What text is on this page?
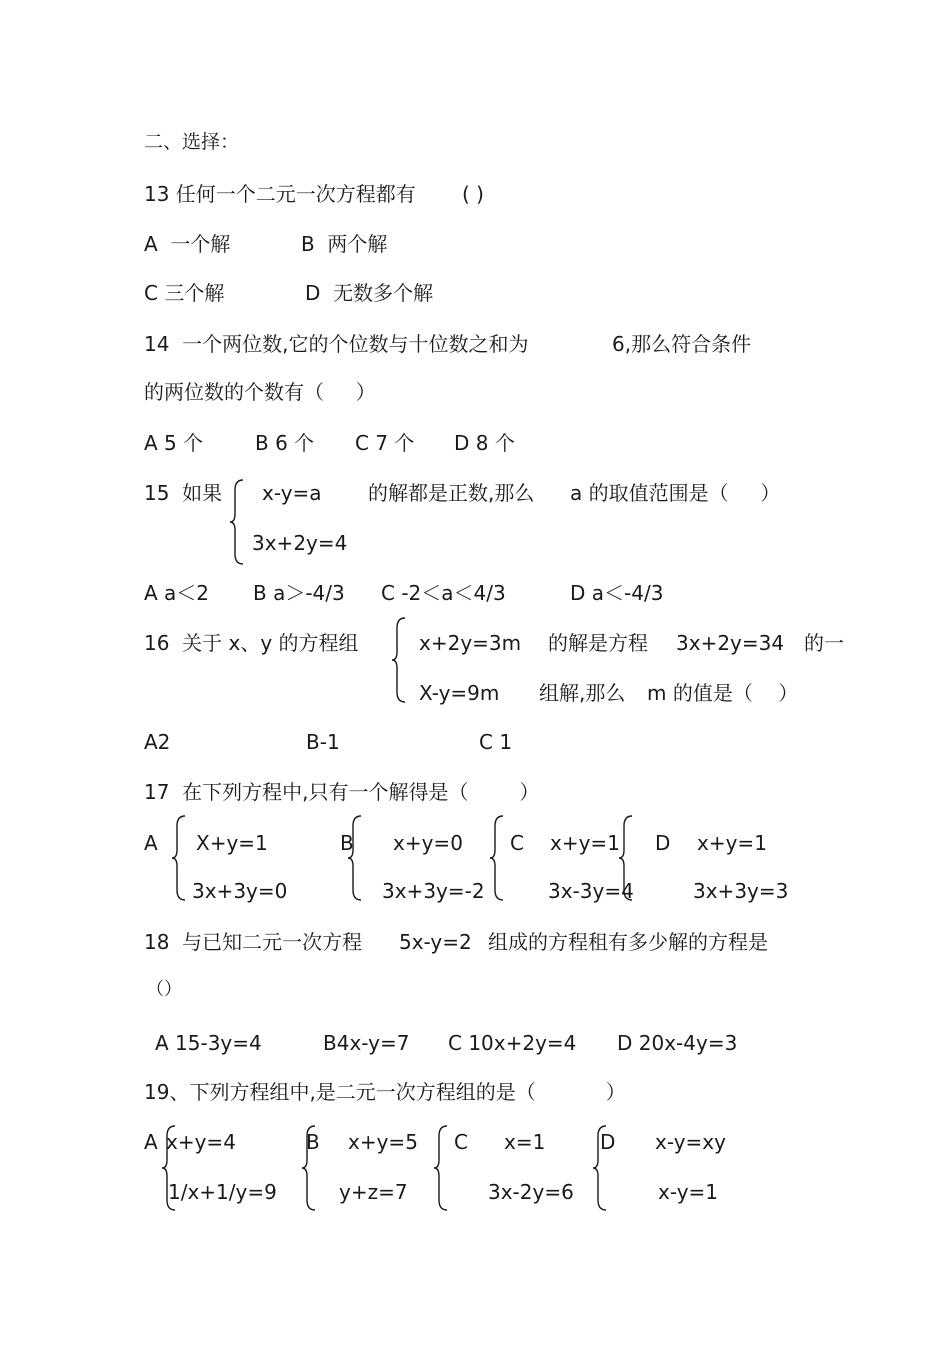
二、选择：
13 任何一个二元一次方程都有 ( )
A  一个解	B  两个解
C 三个解	D  无数多个解
14  一个两位数,它的个位数与十位数之和为	6,那么符合条件
的两位数的个数有（     ）
A 5 个	B 6 个 C 7 个 D 8 个
15  如果 x-y=a 的解都是正数,那么 a 的取值范围是（     ）
3x+2y=4
A a＜2 B a＞-4/3 C -2＜a＜4/3	D a＜-4/3
16  关于 x、y 的方程组	x+2y=3m 的解是方程 3x+2y=34 的一
X-y=9m 组解,那么 m 的值是（    ）
A2	B-1	C 1
17  在下列方程中,只有一个解得是（        ）
A X+y=1
3x+3y=0
B x+y=0
3x+3y=-2
C x+y=1
3x-3y=4
D x+y=1
3x+3y=3
18  与已知二元一次方程 5x-y=2 组成的方程租有多少解的方程是
（）
A 15-3y=4	B4x-y=7 C 10x+2y=4 D 20x-4y=3
19、下列方程组中,是二元一次方程组的是（           ）
A x+y=4
1/x+1/y=9
B x+y=5
y+z=7
C x=1
3x-2y=6
D x-y=xy
x-y=1
